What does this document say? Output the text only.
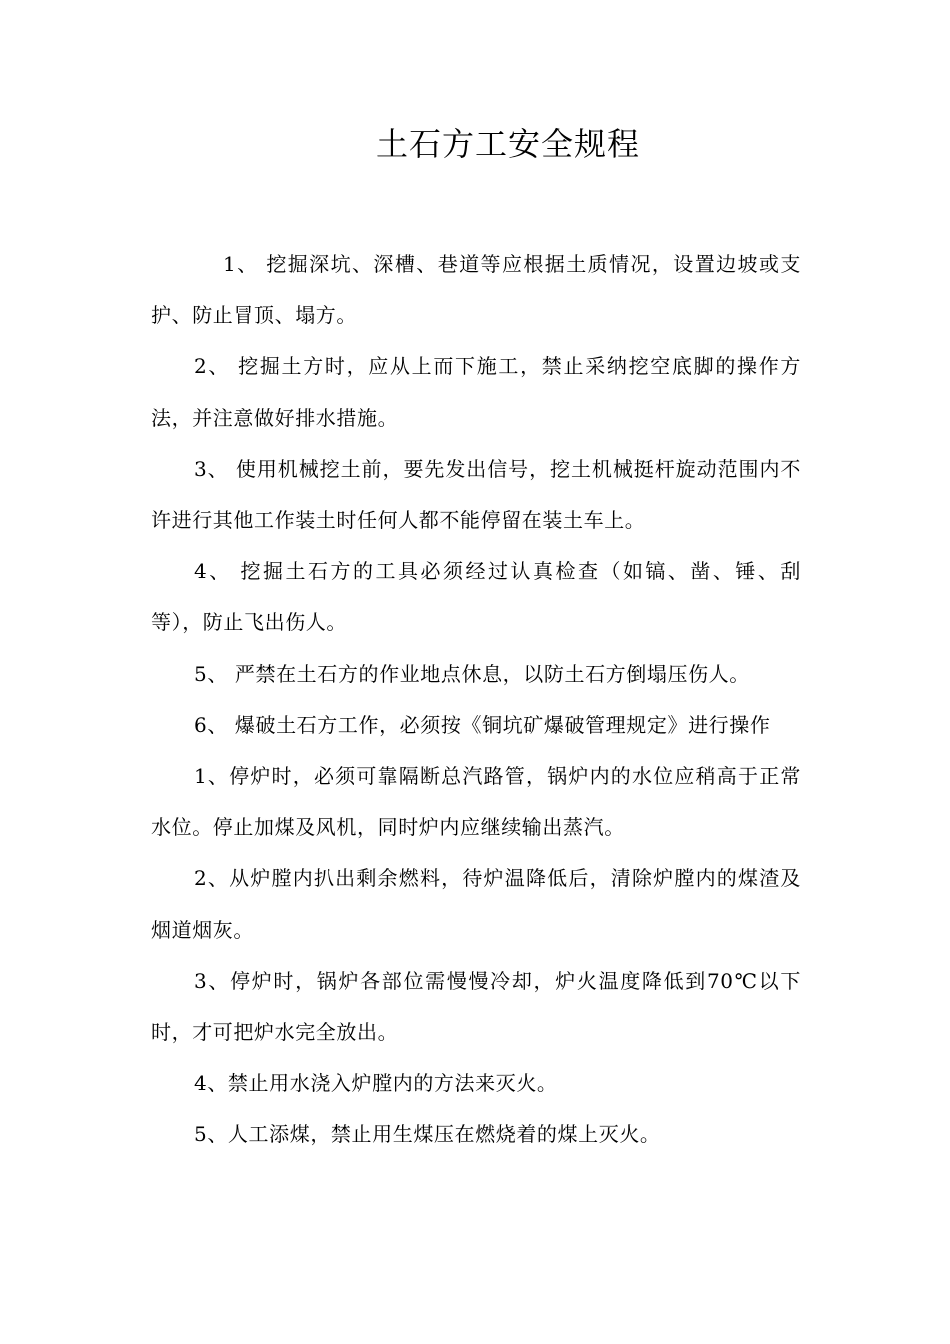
土石方工安全规程

1、 挖掘深坑、深槽、巷道等应根据土质情况，设置边坡或支护、防止冒顶、塌方。

2、 挖掘土方时，应从上而下施工，禁止采纳挖空底脚的操作方法，并注意做好排水措施。

3、 使用机械挖土前，要先发出信号，挖土机械挺杆旋动范围内不许进行其他工作装土时任何人都不能停留在装土车上。

4、 挖掘土石方的工具必须经过认真检查（如镐、凿、锤、刮等），防止飞出伤人。

5、 严禁在土石方的作业地点休息，以防土石方倒塌压伤人。

6、 爆破土石方工作，必须按《铜坑矿爆破管理规定》进行操作

1、停炉时，必须可靠隔断总汽路管，锅炉内的水位应稍高于正常水位。停止加煤及风机，同时炉内应继续输出蒸汽。

2、从炉膛内扒出剩余燃料，待炉温降低后，清除炉膛内的煤渣及烟道烟灰。

3、停炉时，锅炉各部位需慢慢冷却，炉火温度降低到70℃以下时，才可把炉水完全放出。

4、禁止用水浇入炉膛内的方法来灭火。

5、人工添煤，禁止用生煤压在燃烧着的煤上灭火。
